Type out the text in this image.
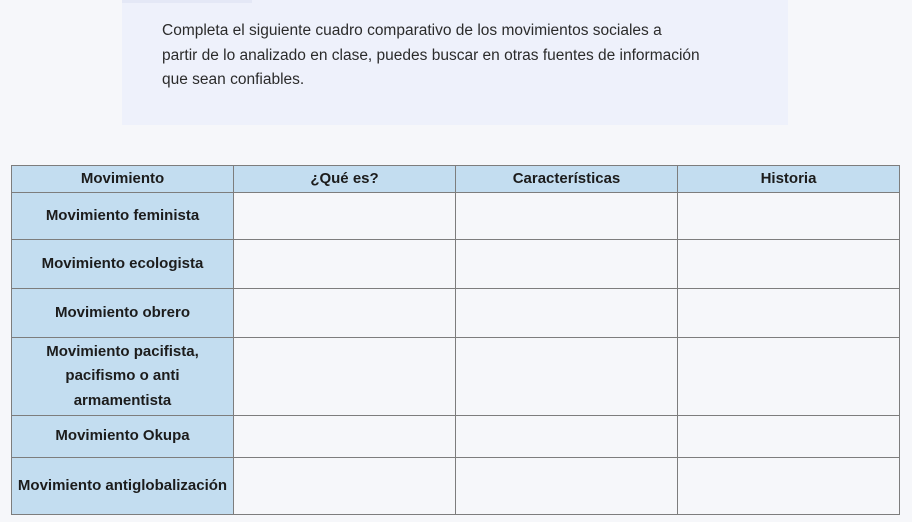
Completa el siguiente cuadro comparativo de los movimientos sociales a
partir de lo analizado en clase, puedes buscar en otras fuentes de información
que sean confiables.

Movimiento	¿Qué es?	Características	Historia
Movimiento feminista			
Movimiento ecologista			
Movimiento obrero			
Movimiento pacifista,
pacifismo o anti
armamentista			
Movimiento Okupa			
Movimiento antiglobalización			
